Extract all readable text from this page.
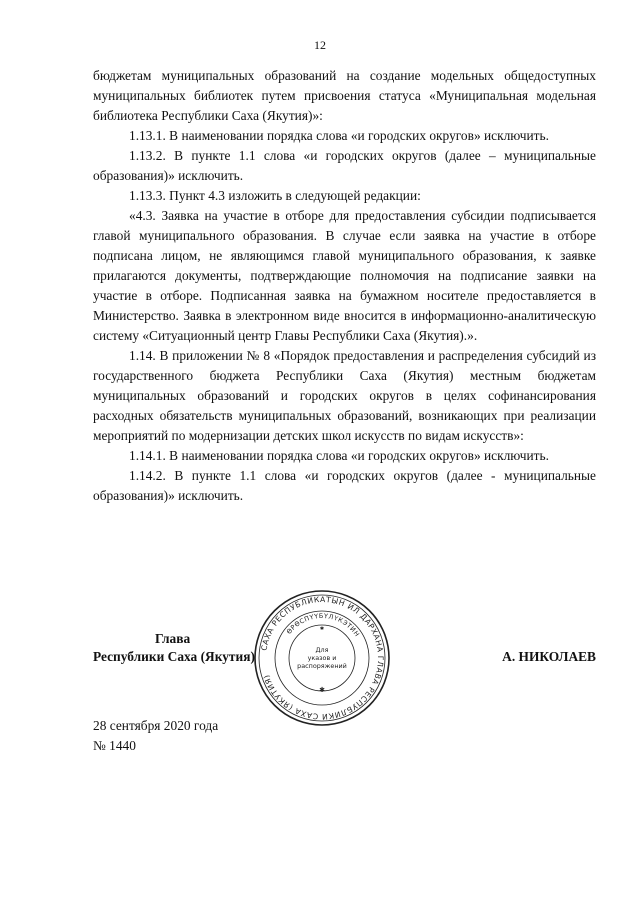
12

бюджетам муниципальных образований на создание модельных общедоступных муниципальных библиотек путем присвоения статуса «Муниципальная модельная библиотека Республики Саха (Якутия)»:

1.13.1. В наименовании порядка слова «и городских округов» исключить.

1.13.2. В пункте 1.1 слова «и городских округов (далее – муниципальные образования)» исключить.

1.13.3. Пункт 4.3 изложить в следующей редакции:

«4.3. Заявка на участие в отборе для предоставления субсидии подписывается главой муниципального образования. В случае если заявка на участие в отборе подписана лицом, не являющимся главой муниципального образования, к заявке прилагаются документы, подтверждающие полномочия на подписание заявки на участие в отборе. Подписанная заявка на бумажном носителе предоставляется в Министерство. Заявка в электронном виде вносится в информационно-аналитическую систему «Ситуационный центр Главы Республики Саха (Якутия).».

1.14. В приложении № 8 «Порядок предоставления и распределения субсидий из государственного бюджета Республики Саха (Якутия) местным бюджетам муниципальных образований и городских округов в целях софинансирования расходных обязательств муниципальных образований, возникающих при реализации мероприятий по модернизации детских школ искусств по видам искусств»:

1.14.1. В наименовании порядка слова «и городских округов» исключить.

1.14.2. В пункте 1.1 слова «и городских округов (далее - муниципальные образования)» исключить.

Глава
Республики Саха (Якутия)	А. НИКОЛАЕВ
САХА РЕСПУБЛИКАТЫН ИЛ ДАРХАНА ГЛАВА РЕСПУБЛИКИ САХА (ЯКУТИЯ)
ӨРӨСПҮҮБҮЛҮКЭТИН
Для
указов и
распоряжений
✱
✱
28 сентября 2020 года
№ 1440
